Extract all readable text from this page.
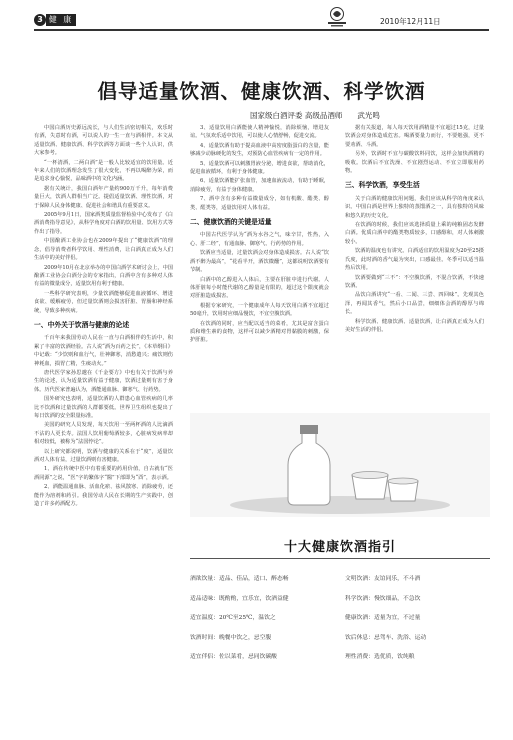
3 健 康	2010年12月11日
倡导适量饮酒、健康饮酒、科学饮酒
国家级白酒评委 高级品酒师　　武光鸣

中国白酒历史源远流长，与人们生活密切相关，欢乐时有酒，失意时有酒，可以说人的一生一直与酒相伴。本文从适量饮酒、健康饮酒、科学饮酒等方面谈一些个人认识，供大家参考。

“一杯清酒，二两白酒”是一般人比较适宜的饮用量。近年来人们的饮酒理念发生了很大变化，不再以喝醉为荣，而是追求身心愉悦，品味酒中的文化内涵。

据有关统计，我国白酒年产量约900万千升，每年消费量巨大，饮酒人群相当广泛。提倡适量饮酒、理性饮酒，对于保障人民身体健康、促进社会和谐具有重要意义。

2005年9月1日，国家酒类质量监督检验中心发布了《白酒消费指导意见》，从科学角度对白酒的饮用量、饮用方式等作出了指导。

中国酿酒工业协会也在2009年提出了“健康饮酒”的理念，倡导消费者科学饮用、理性消费，让白酒真正成为人们生活中的美好伴侣。

2009年10月在北京举办的中国白酒学术研讨会上，中国酿酒工业协会白酒分会的专家指出，白酒中含有多种对人体有益的微量成分，适量饮用有利于健康。

一些科学研究表明，少量饮酒能够促进血液循环、增进食欲、缓解疲劳，但过量饮酒则会损害肝脏、胃肠和神经系统，导致多种疾病。

一、中外关于饮酒与健康的论述

千百年来我国劳动人民在一直与白酒相伴的生活中，积累了丰富的饮酒经验。古人说“酒为百药之长”，《本草纲目》中记载：“少饮则和血行气，壮神御寒，消愁遣兴；痛饮则伤神耗血，损胃亡精，生痰动火。”

唐代医学家孙思邈在《千金要方》中也有关于饮酒与养生的论述，认为适量饮酒有益于健康，饮酒过量则有害于身体。历代医家普遍认为，酒能通血脉、御寒气、行药势。

国外研究也表明，适量饮酒的人群患心血管疾病的几率比不饮酒和过量饮酒的人群都要低。世界卫生组织也提出了每日饮酒的安全限量标准。

美国的研究人员发现，每天饮用一至两杯酒的人比滴酒不沾的人更长寿。法国人饮用葡萄酒较多，心脏病发病率却相对较低，被称为“法国悖论”。

以上研究都说明，饮酒与健康的关系在于“度”，适量饮酒对人体有益，过量饮酒则有害健康。

1、酒在传统中医中有着重要的药用价值，自古就有“医酒同源”之说，“医”字的繁体字“醫”下部即为“酉”，表示酒。

2、酒能温通血脉、活血化瘀、祛风散寒、消除疲劳，还能作为溶剂和药引。我国劳动人民在长期的生产实践中，创造了许多药酒配方。

3、适量饮用白酒能使人精神愉悦，消除烦恼，增进友谊。气氛欢乐适中饮用，可以使人心情舒畅，促进交流。

4、适量饮酒有助于提高血液中高密度脂蛋白的含量，能够减少动脉硬化的发生，对预防心血管疾病有一定的作用。

5、适量饮酒可以刺激胃液分泌，增进食欲，帮助消化，促进血液循环，有利于身体健康。

6、适量饮酒能扩张血管，加速血液流动，有助于睡眠，消除疲劳，有益于身体健康。

7、酒中含有多种有益微量成分，如有机酸、酯类、醇类、醛类等，适量饮用对人体有益。

二、健康饮酒的关键是适量

中国古代医学认为“酒为水谷之气，味辛甘，性热，入心、肝二经”，有通血脉、御寒气、行药势的作用。

饮酒应当适量，过量饮酒会对身体造成损害。古人说“饮酒不醉为最高”，“花看半开，酒饮微醺”，这都说明饮酒要有节制。

白酒中的乙醇进入人体后，主要在肝脏中进行代谢。人体肝脏每小时能代谢的乙醇量是有限的，超过这个限度就会对肝脏造成损害。

根据专家研究，一个健康成年人每天饮用白酒不宜超过50毫升，饮用时应细品慢饮，不宜空腹饮酒。

在饮酒的同时，应当配以适当的菜肴，尤其是富含蛋白质和维生素的食物，这样可以减少酒精对胃黏膜的刺激，保护肝脏。

据有关报道，每人每天饮用酒精量不宜超过15克，过量饮酒会对身体造成危害。喝酒要量力而行，不要勉强，更不要劝酒、斗酒。

另外，饮酒时不宜与碳酸饮料同饮，这样会加快酒精的吸收。饮酒后不宜洗澡、不宜剧烈运动、不宜立即服用药物。

三、科学饮酒，享受生活

关于白酒的健康饮用问题，我们应该从科学的角度来认识。中国白酒是世界上独特的蒸馏酒之一，具有独特的风味和悠久的历史文化。

在饮酒的时候，我们应该选择质量上乘的纯粮固态发酵白酒。优质白酒中的酯类物质较多，口感醇和，对人体刺激较小。

饮酒的温度也有讲究。白酒适宜的饮用温度为20至25摄氏度，此时酒的香气最为突出，口感最佳。冬季可以适当温热后饮用。

饮酒要做到“三不”：不空腹饮酒，不混合饮酒，不快速饮酒。

品饮白酒讲究“一看、二闻、三尝、四回味”。先观其色泽，再闻其香气，然后小口品尝，细细体会酒的醇厚与绵长。

科学饮酒、健康饮酒、适量饮酒，让白酒真正成为人们美好生活的伴侣。

十大健康饮酒指引

酒欲饮量：适品、佳品，适口、醉态畅

适品适味：既酌酌，宜乐宜，饮酒益健

适宜温度：20℃至25℃，温饮之

饮酒时间：晚餐中饮之，忌空腹

适宜伴侣：佐以菜肴，忌同饮碳酸

文明饮酒：友谊同乐，不斗酒

科学饮酒：慢饮细品，不急饮

健康饮酒：适量为宜，不过量

饮后休息：忌驾车、洗浴、运动

理性消费：选优质，饮纯粮
